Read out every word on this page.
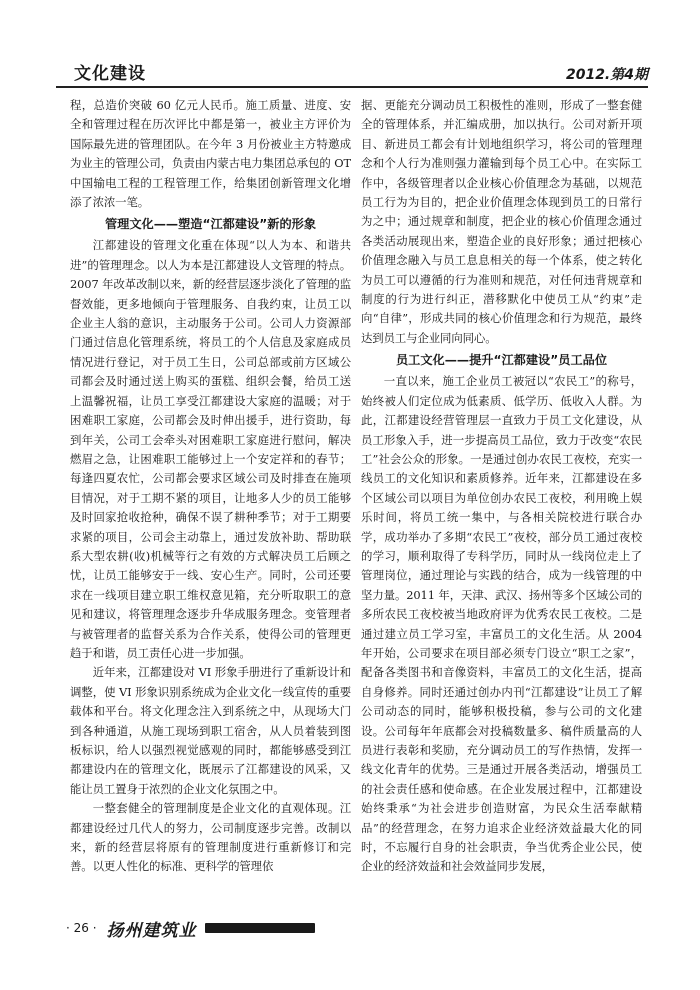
文化建设	2012.第4期

程，总造价突破 60 亿元人民币。施工质量、进度、安全和管理过程在历次评比中都是第一，被业主方评价为国际最先进的管理团队。在今年 3 月份被业主方特邀成为业主的管理公司，负责由内蒙古电力集团总承包的 OT 中国输电工程的工程管理工作，给集团创新管理文化增添了浓浓一笔。

管理文化——塑造“江都建设”新的形象

江都建设的管理文化重在体现“以人为本、和谐共进”的管理理念。以人为本是江都建设人文管理的特点。2007 年改革改制以来，新的经营层逐步淡化了管理的监督效能，更多地倾向于管理服务、自我约束，让员工以企业主人翁的意识，主动服务于公司。公司人力资源部门通过信息化管理系统，将员工的个人信息及家庭成员情况进行登记，对于员工生日，公司总部或前方区域公司都会及时通过送上购买的蛋糕、组织会餐，给员工送上温馨祝福，让员工享受江都建设大家庭的温暖；对于困难职工家庭，公司都会及时伸出援手，进行资助，每到年关，公司工会牵头对困难职工家庭进行慰问，解决燃眉之急，让困难职工能够过上一个安定祥和的春节；每逢四夏农忙，公司都会要求区域公司及时排查在施项目情况，对于工期不紧的项目，让地多人少的员工能够及时回家抢收抢种，确保不误了耕种季节；对于工期要求紧的项目，公司会主动靠上，通过发放补助、帮助联系大型农耕(收)机械等行之有效的方式解决员工后顾之忧，让员工能够安于一线、安心生产。同时，公司还要求在一线项目建立职工维权意见箱，充分听取职工的意见和建议，将管理理念逐步升华成服务理念。变管理者与被管理者的监督关系为合作关系，使得公司的管理更趋于和谐，员工责任心进一步加强。

近年来，江都建设对 VI 形象手册进行了重新设计和调整，使 VI 形象识别系统成为企业文化一线宣传的重要载体和平台。将文化理念注入到系统之中，从现场大门到各种通道，从施工现场到职工宿舍，从人员着装到图板标识，给人以强烈视觉感观的同时，都能够感受到江都建设内在的管理文化，既展示了江都建设的风采，又能让员工置身于浓烈的企业文化氛围之中。

一整套健全的管理制度是企业文化的直观体现。江都建设经过几代人的努力，公司制度逐步完善。改制以来，新的经营层将原有的管理制度进行重新修订和完善。以更人性化的标准、更科学的管理依

据、更能充分调动员工积极性的准则，形成了一整套健全的管理体系，并汇编成册，加以执行。公司对新开项目、新进员工都会有计划地组织学习，将公司的管理理念和个人行为准则强力灌输到每个员工心中。在实际工作中，各级管理者以企业核心价值理念为基础，以规范员工行为为目的，把企业价值理念体现到员工的日常行为之中；通过规章和制度，把企业的核心价值理念通过各类活动展现出来，塑造企业的良好形象；通过把核心价值理念融入与员工息息相关的每一个体系，使之转化为员工可以遵循的行为准则和规范，对任何违背规章和制度的行为进行纠正，潜移默化中使员工从“约束”走向“自律”，形成共同的核心价值理念和行为规范，最终达到员工与企业同向同心。

员工文化——提升“江都建设”员工品位

一直以来，施工企业员工被冠以“农民工”的称号，始终被人们定位成为低素质、低学历、低收入人群。为此，江都建设经营管理层一直致力于员工文化建设，从员工形象入手，进一步提高员工品位，致力于改变“农民工”社会公众的形象。一是通过创办农民工夜校，充实一线员工的文化知识和素质修养。近年来，江都建设在多个区域公司以项目为单位创办农民工夜校，利用晚上娱乐时间，将员工统一集中，与各相关院校进行联合办学，成功举办了多期“农民工”夜校，部分员工通过夜校的学习，顺利取得了专科学历，同时从一线岗位走上了管理岗位，通过理论与实践的结合，成为一线管理的中坚力量。2011 年，天津、武汉、扬州等多个区域公司的多所农民工夜校被当地政府评为优秀农民工夜校。二是通过建立员工学习室，丰富员工的文化生活。从 2004 年开始，公司要求在项目部必须专门设立“职工之家”，配备各类图书和音像资料，丰富员工的文化生活，提高自身修养。同时还通过创办内刊“江都建设”让员工了解公司动态的同时，能够积极投稿，参与公司的文化建设。公司每年年底都会对投稿数量多、稿件质量高的人员进行表彰和奖励，充分调动员工的写作热情，发挥一线文化青年的优势。三是通过开展各类活动，增强员工的社会责任感和使命感。在企业发展过程中，江都建设始终秉承“为社会进步创造财富，为民众生活奉献精品”的经营理念，在努力追求企业经济效益最大化的同时，不忘履行自身的社会职责，争当优秀企业公民，使企业的经济效益和社会效益同步发展，

· 26 · 扬州建筑业
